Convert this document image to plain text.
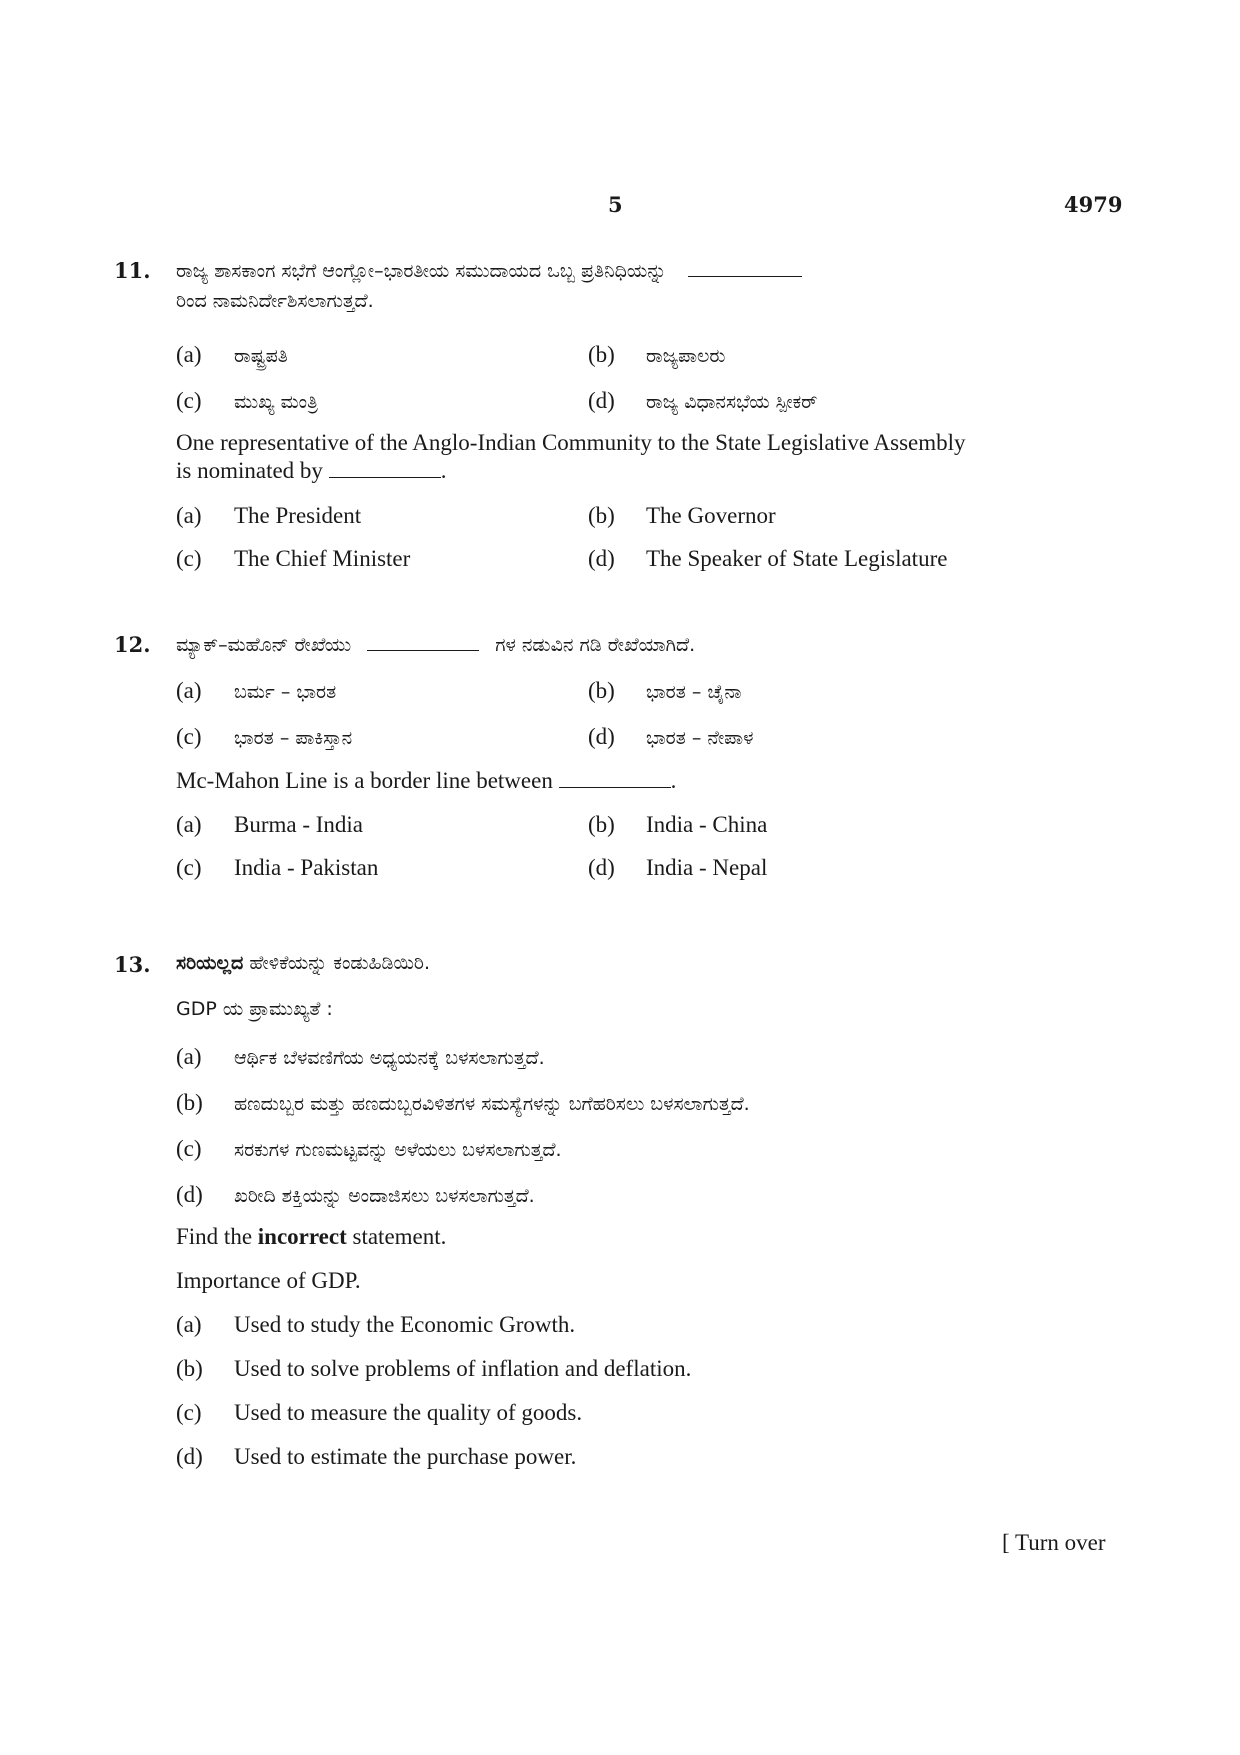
5	4979
11. ರಾಜ್ಯ ಶಾಸಕಾಂಗ ಸಭೆಗೆ ಆಂಗ್ಲೋ–ಭಾರತೀಯ ಸಮುದಾಯದ ಒಬ್ಬ ಪ್ರತಿನಿಧಿಯನ್ನು
ರಿಂದ ನಾಮನಿರ್ದೇಶಿಸಲಾಗುತ್ತದೆ.
(a) ರಾಷ್ಟ್ರಪತಿ	(b) ರಾಜ್ಯಪಾಲರು
(c) ಮುಖ್ಯ ಮಂತ್ರಿ	(d) ರಾಜ್ಯ ವಿಧಾನಸಭೆಯ ಸ್ಪೀಕರ್
One representative of the Anglo-Indian Community to the State Legislative Assembly
is nominated by	.
(a) The President	(b) The Governor
(c) The Chief Minister	(d) The Speaker of State Legislature
12. ಮ್ಯಾಕ್–ಮಹೊನ್ ರೇಖೆಯು	ಗಳ ನಡುವಿನ ಗಡಿ ರೇಖೆಯಾಗಿದೆ.
(a) ಬರ್ಮ – ಭಾರತ	(b) ಭಾರತ – ಚೈನಾ
(c) ಭಾರತ – ಪಾಕಿಸ್ತಾನ	(d) ಭಾರತ – ನೇಪಾಳ
Mc-Mahon Line is a border line between	.
(a) Burma - India	(b) India - China
(c) India - Pakistan	(d) India - Nepal
13. ಸರಿಯಲ್ಲದ ಹೇಳಿಕೆಯನ್ನು ಕಂಡುಹಿಡಿಯಿರಿ.
GDP ಯ ಪ್ರಾಮುಖ್ಯತೆ :
(a) ಆರ್ಥಿಕ ಬೆಳವಣಿಗೆಯ ಅಧ್ಯಯನಕ್ಕೆ ಬಳಸಲಾಗುತ್ತದೆ.
(b) ಹಣದುಬ್ಬರ ಮತ್ತು ಹಣದುಬ್ಬರವಿಳಿತಗಳ ಸಮಸ್ಯೆಗಳನ್ನು ಬಗೆಹರಿಸಲು ಬಳಸಲಾಗುತ್ತದೆ.
(c) ಸರಕುಗಳ ಗುಣಮಟ್ಟವನ್ನು ಅಳೆಯಲು ಬಳಸಲಾಗುತ್ತದೆ.
(d) ಖರೀದಿ ಶಕ್ತಿಯನ್ನು ಅಂದಾಜಿಸಲು ಬಳಸಲಾಗುತ್ತದೆ.
Find the incorrect statement.
Importance of GDP.
(a) Used to study the Economic Growth.
(b) Used to solve problems of inflation and deflation.
(c) Used to measure the quality of goods.
(d) Used to estimate the purchase power.
[ Turn over
